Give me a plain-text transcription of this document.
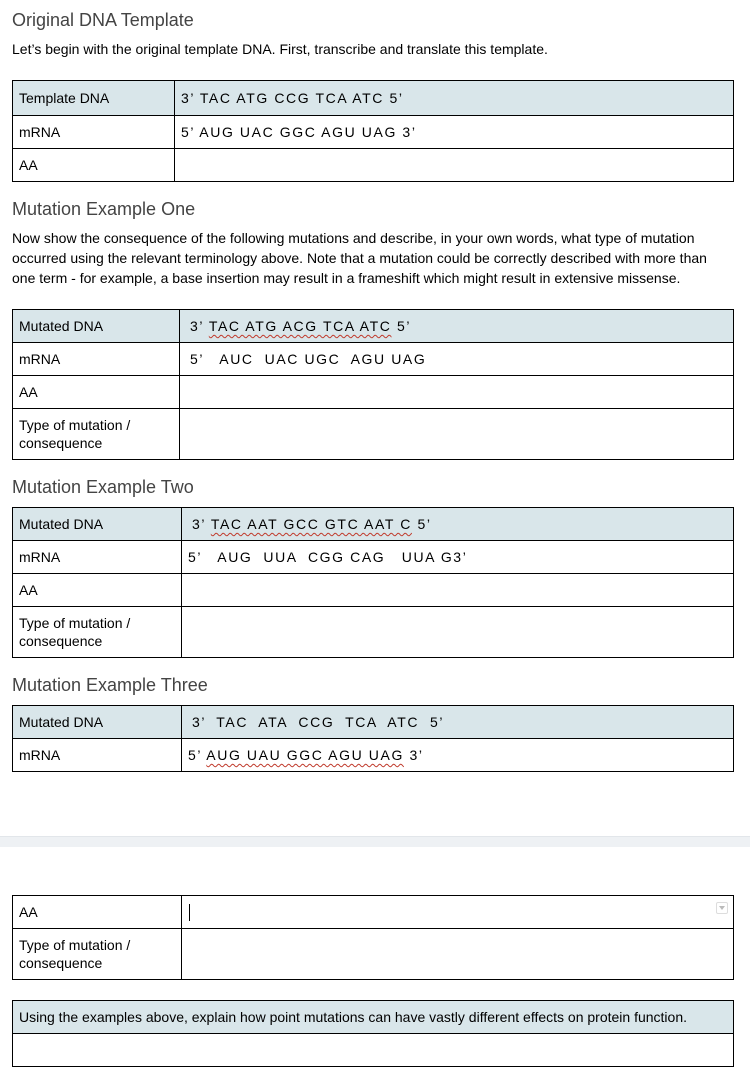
Original DNA Template

Let’s begin with the original template DNA. First, transcribe and translate this template.

Template DNA	3’ TAC ATG CCG TCA ATC 5’
mRNA	5’ AUG UAC GGC AGU UAG 3’
AA	
Mutation Example One

Now show the consequence of the following mutations and describe, in your own words, what type of mutation occurred using the relevant terminology above. Note that a mutation could be correctly described with more than one term - for example, a base insertion may result in a frameshift which might result in extensive missense.

Mutated DNA	3’ TAC ATG ACG TCA ATC 5’
mRNA	5’   AUC  UAC UGC  AGU UAG
AA	
Type of mutation / consequence	
Mutation Example Two
Mutated DNA	3’ TAC AAT GCC GTC AAT C 5’
mRNA	5’   AUG  UUA  CGG CAG   UUA G3’
AA	
Type of mutation / consequence	
Mutation Example Three
Mutated DNA	3’  TAC  ATA  CCG  TCA  ATC  5’
mRNA	5’ AUG UAU GGC AGU UAG 3’
AA	

Type of mutation / consequence	
Using the examples above, explain how point mutations can have vastly different effects on protein function.
